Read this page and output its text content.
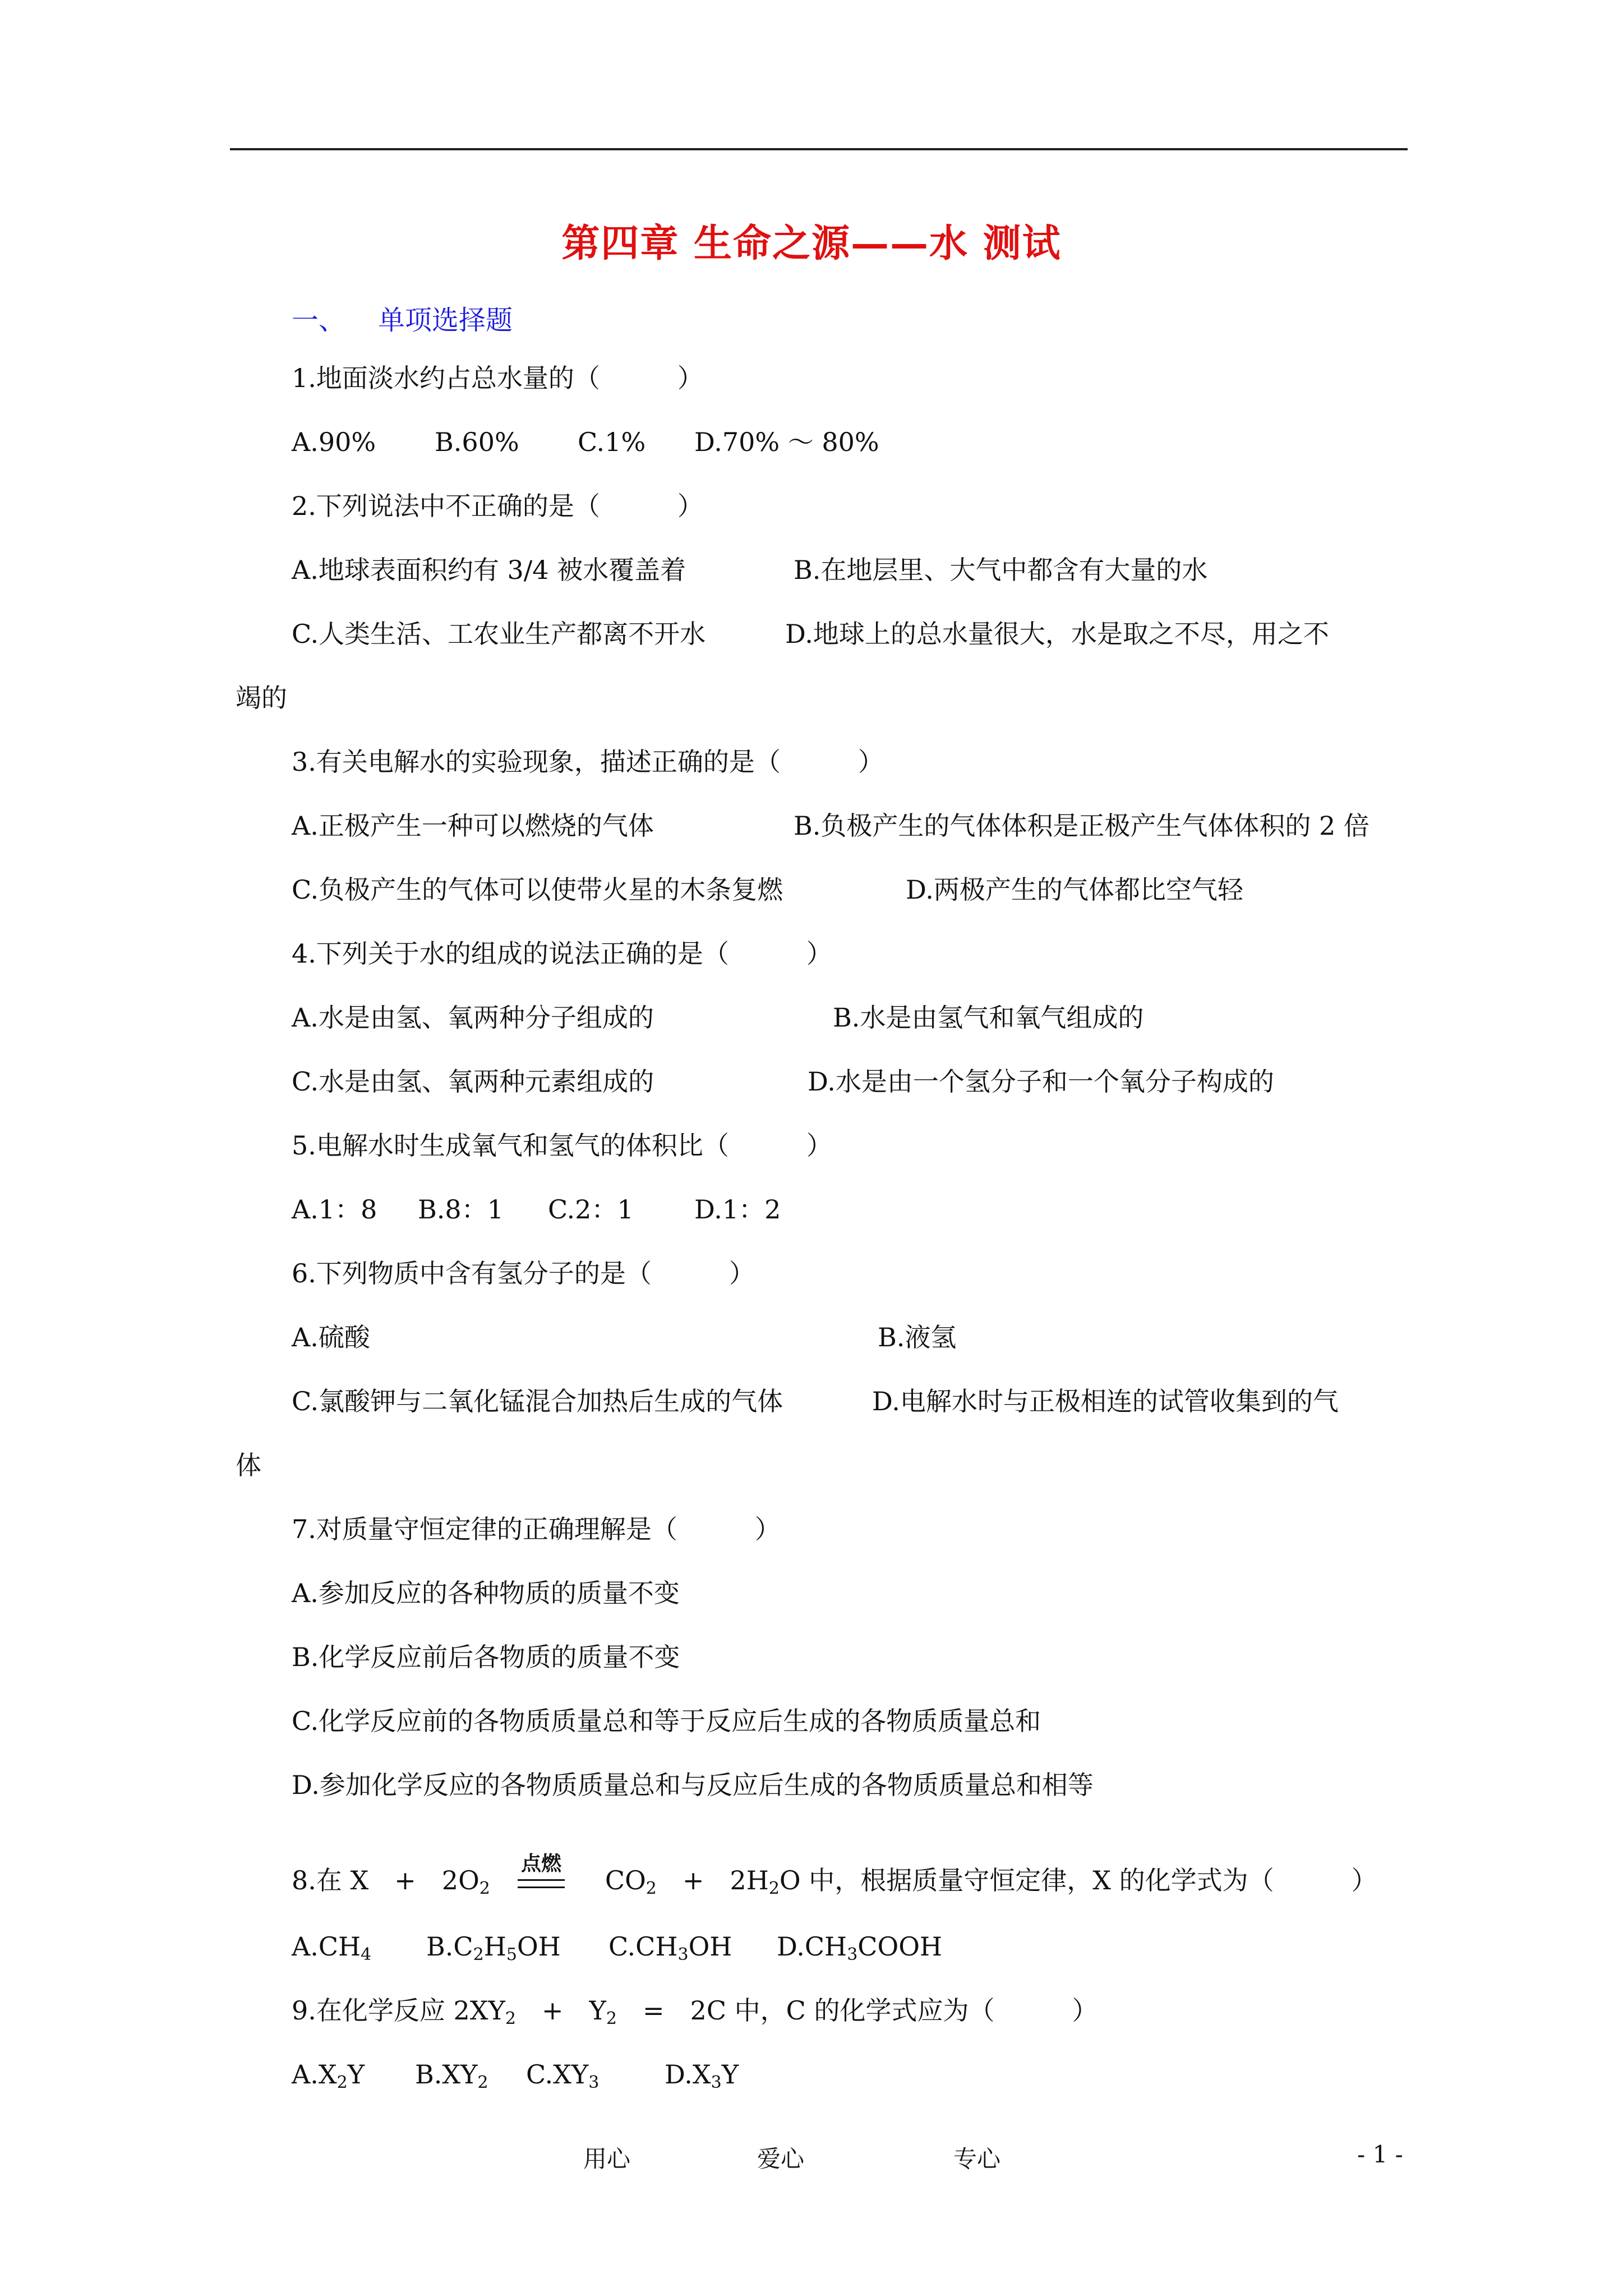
第四章 生命之源——水 测试
一、 单项选择题
1.地面淡水约占总水量的（　　　）
A.90% B.60% C.1% D.70% ～ 80%
2.下列说法中不正确的是（　　　）
A.地球表面积约有 3/4 被水覆盖着	B.在地层里、大气中都含有大量的水
C.人类生活、工农业生产都离不开水	D.地球上的总水量很大，水是取之不尽，用之不
竭的
3.有关电解水的实验现象，描述正确的是（　　　）
A.正极产生一种可以燃烧的气体	B.负极产生的气体体积是正极产生气体体积的 2 倍
C.负极产生的气体可以使带火星的木条复燃	D.两极产生的气体都比空气轻
4.下列关于水的组成的说法正确的是（　　　）
A.水是由氢、氧两种分子组成的	B.水是由氢气和氧气组成的
C.水是由氢、氧两种元素组成的	D.水是由一个氢分子和一个氧分子构成的
5.电解水时生成氧气和氢气的体积比（　　　）
A.1：8 B.8：1 C.2：1 D.1：2
6.下列物质中含有氢分子的是（　　　）
A.硫酸	B.液氢
C.氯酸钾与二氧化锰混合加热后生成的气体	D.电解水时与正极相连的试管收集到的气
体
7.对质量守恒定律的正确理解是（　　　）
A.参加反应的各种物质的质量不变
B.化学反应前后各物质的质量不变
C.化学反应前的各物质质量总和等于反应后生成的各物质质量总和
D.参加化学反应的各物质质量总和与反应后生成的各物质质量总和相等
8.在 X　+　$2O_2$	$CO_2$　 +　$2H_2O$ 中，根据质量守恒定律，X 的化学式为（　　　）
点燃
$A.CH_4$ $B.C_2H_5OH$ $C.CH_3OH$ $D.CH_3COOH$
9.在化学反应 $2XY_2$　 +　$Y_2$　 =　2C 中，C 的化学式应为（　　　）
$A.X_2Y$ $B.XY_2$ $C.XY_3$	$D.X_3Y$
用心	爱心	专心	- 1 -
